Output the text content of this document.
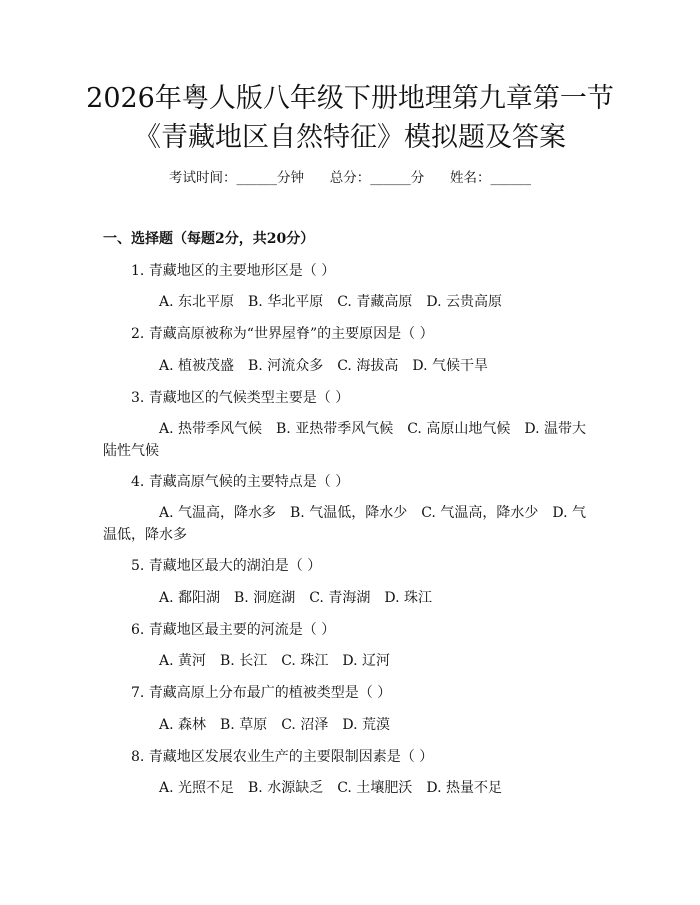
2026年粤人版八年级下册地理第九章第一节
《青藏地区自然特征》模拟题及答案
考试时间：______分钟      总分：______分      姓名：______
一、选择题（每题2分，共20分）
1. 青藏地区的主要地形区是（ ）
A. 东北平原　 B. 华北平原　 C. 青藏高原　 D. 云贵高原
2. 青藏高原被称为“世界屋脊”的主要原因是（ ）
A. 植被茂盛　 B. 河流众多　 C. 海拔高　 D. 气候干旱
3. 青藏地区的气候类型主要是（ ）
A. 热带季风气候　 B. 亚热带季风气候　 C. 高原山地气候　 D. 温带大陆性气候
4. 青藏高原气候的主要特点是（ ）
A. 气温高，降水多　 B. 气温低，降水少　 C. 气温高，降水少　 D. 气温低，降水多
5. 青藏地区最大的湖泊是（ ）
A. 鄱阳湖　 B. 洞庭湖　 C. 青海湖　 D. 珠江
6. 青藏地区最主要的河流是（ ）
A. 黄河　 B. 长江　 C. 珠江　 D. 辽河
7. 青藏高原上分布最广的植被类型是（ ）
A. 森林　 B. 草原　 C. 沼泽　 D. 荒漠
8. 青藏地区发展农业生产的主要限制因素是（ ）
A. 光照不足　 B. 水源缺乏　 C. 土壤肥沃　 D. 热量不足
